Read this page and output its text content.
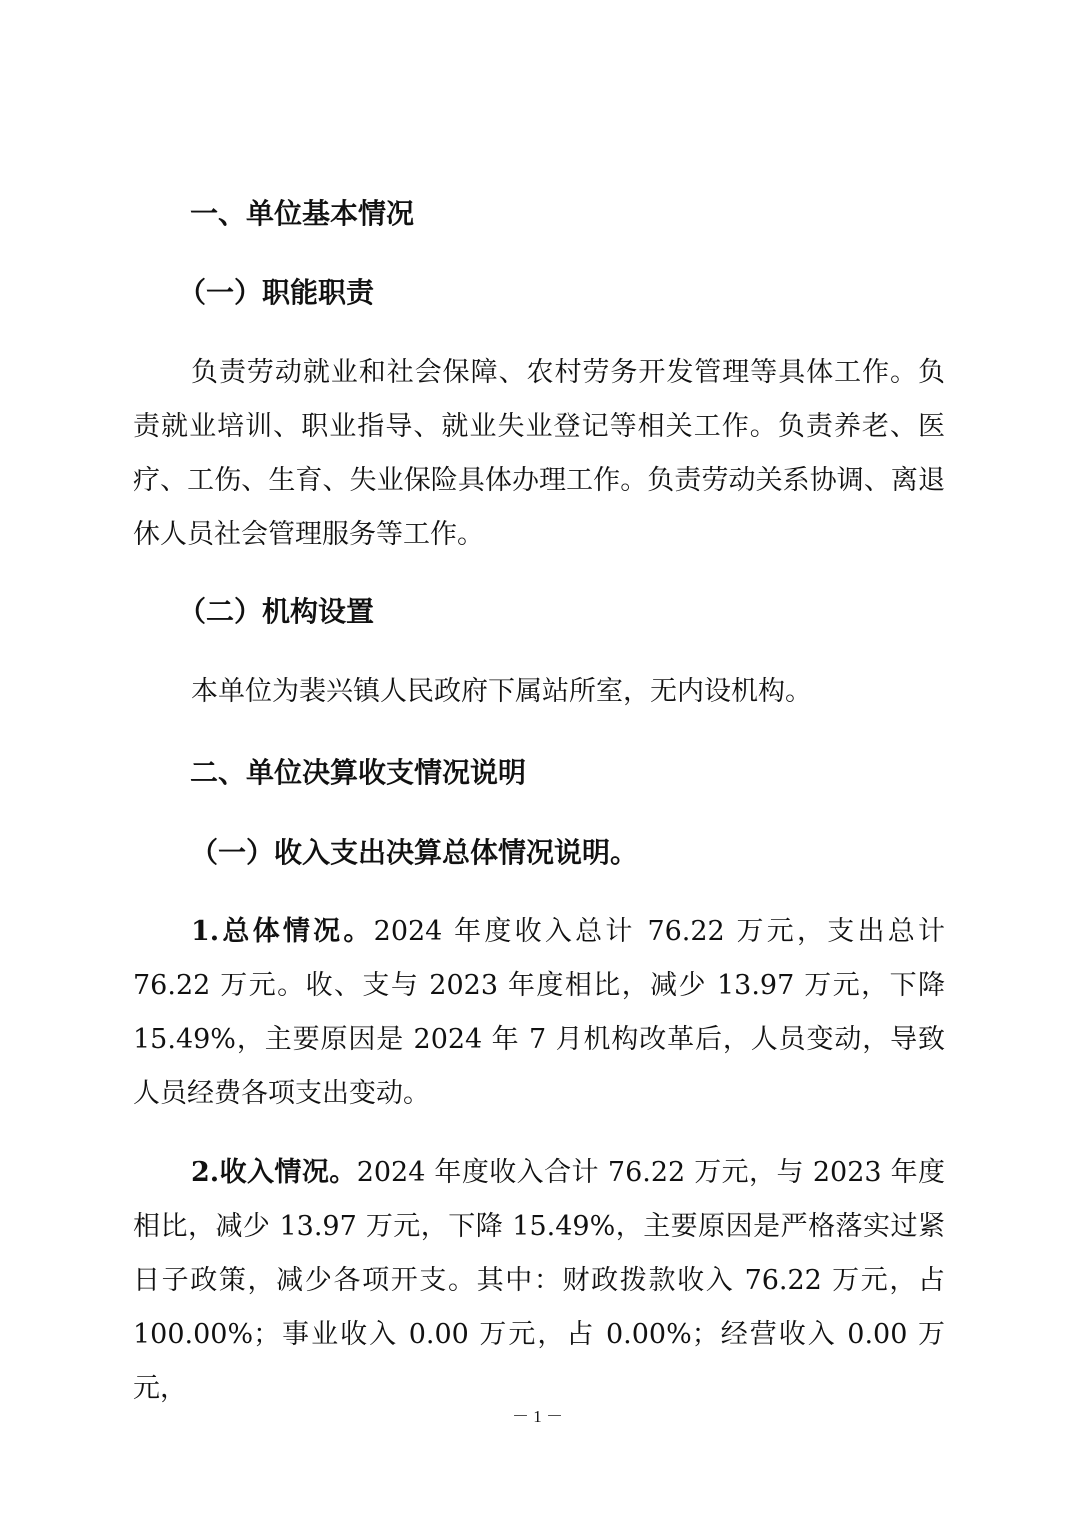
一、单位基本情况
（一）职能职责

负责劳动就业和社会保障、农村劳务开发管理等具体工作。负责就业培训、职业指导、就业失业登记等相关工作。负责养老、医疗、工伤、生育、失业保险具体办理工作。负责劳动关系协调、离退休人员社会管理服务等工作。

（二）机构设置

本单位为裴兴镇人民政府下属站所室，无内设机构。

二、单位决算收支情况说明
（一）收入支出决算总体情况说明。

1.总体情况。2024 年度收入总计 76.22 万元，支出总计 76.22 万元。收、支与 2023 年度相比，减少 13.97 万元，下降 15.49%，主要原因是 2024 年 7 月机构改革后，人员变动，导致人员经费各项支出变动。

2.收入情况。2024 年度收入合计 76.22 万元，与 2023 年度相比，减少 13.97 万元，下降 15.49%，主要原因是严格落实过紧日子政策，减少各项开支。其中：财政拨款收入 76.22 万元，占 100.00%；事业收入 0.00 万元，占 0.00%；经营收入 0.00 万元，

－ 1 －
